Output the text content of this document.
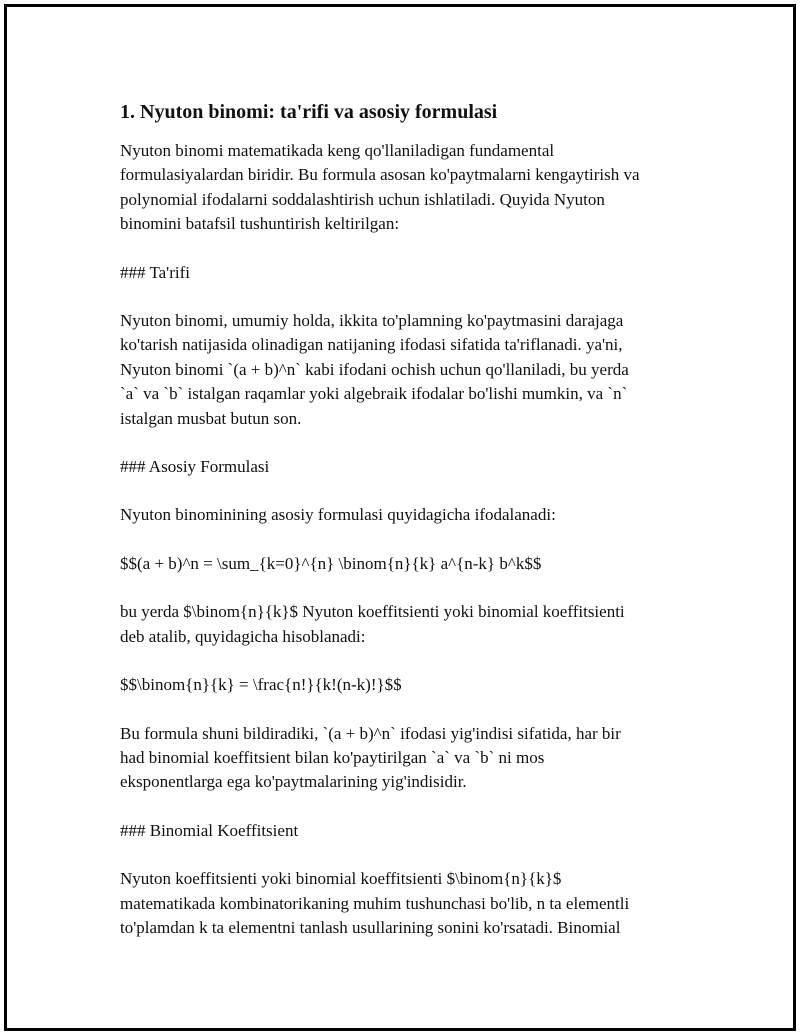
1. Nyuton binomi: ta'rifi va asosiy formulasi

Nyuton binomi matematikada keng qo'llaniladigan fundamental
formulasiyalardan biridir. Bu formula asosan ko'paytmalarni kengaytirish va
polynomial ifodalarni soddalashtirish uchun ishlatiladi. Quyida Nyuton
binomini batafsil tushuntirish keltirilgan:

### Ta'rifi

Nyuton binomi, umumiy holda, ikkita to'plamning ko'paytmasini darajaga
ko'tarish natijasida olinadigan natijaning ifodasi sifatida ta'riflanadi. ya'ni,
Nyuton binomi `(a + b)^n` kabi ifodani ochish uchun qo'llaniladi, bu yerda
`a` va `b` istalgan raqamlar yoki algebraik ifodalar bo'lishi mumkin, va `n`
istalgan musbat butun son.

### Asosiy Formulasi

Nyuton binominining asosiy formulasi quyidagicha ifodalanadi:

$$(a + b)^n = \sum_{k=0}^{n} \binom{n}{k} a^{n-k} b^k$$

bu yerda $\binom{n}{k}$ Nyuton koeffitsienti yoki binomial koeffitsienti
deb atalib, quyidagicha hisoblanadi:

$$\binom{n}{k} = \frac{n!}{k!(n-k)!}$$

Bu formula shuni bildiradiki, `(a + b)^n` ifodasi yig'indisi sifatida, har bir
had binomial koeffitsient bilan ko'paytirilgan `a` va `b` ni mos
eksponentlarga ega ko'paytmalarining yig'indisidir.

### Binomial Koeffitsient

Nyuton koeffitsienti yoki binomial koeffitsienti $\binom{n}{k}$
matematikada kombinatorikaning muhim tushunchasi bo'lib, n ta elementli
to'plamdan k ta elementni tanlash usullarining sonini ko'rsatadi. Binomial
